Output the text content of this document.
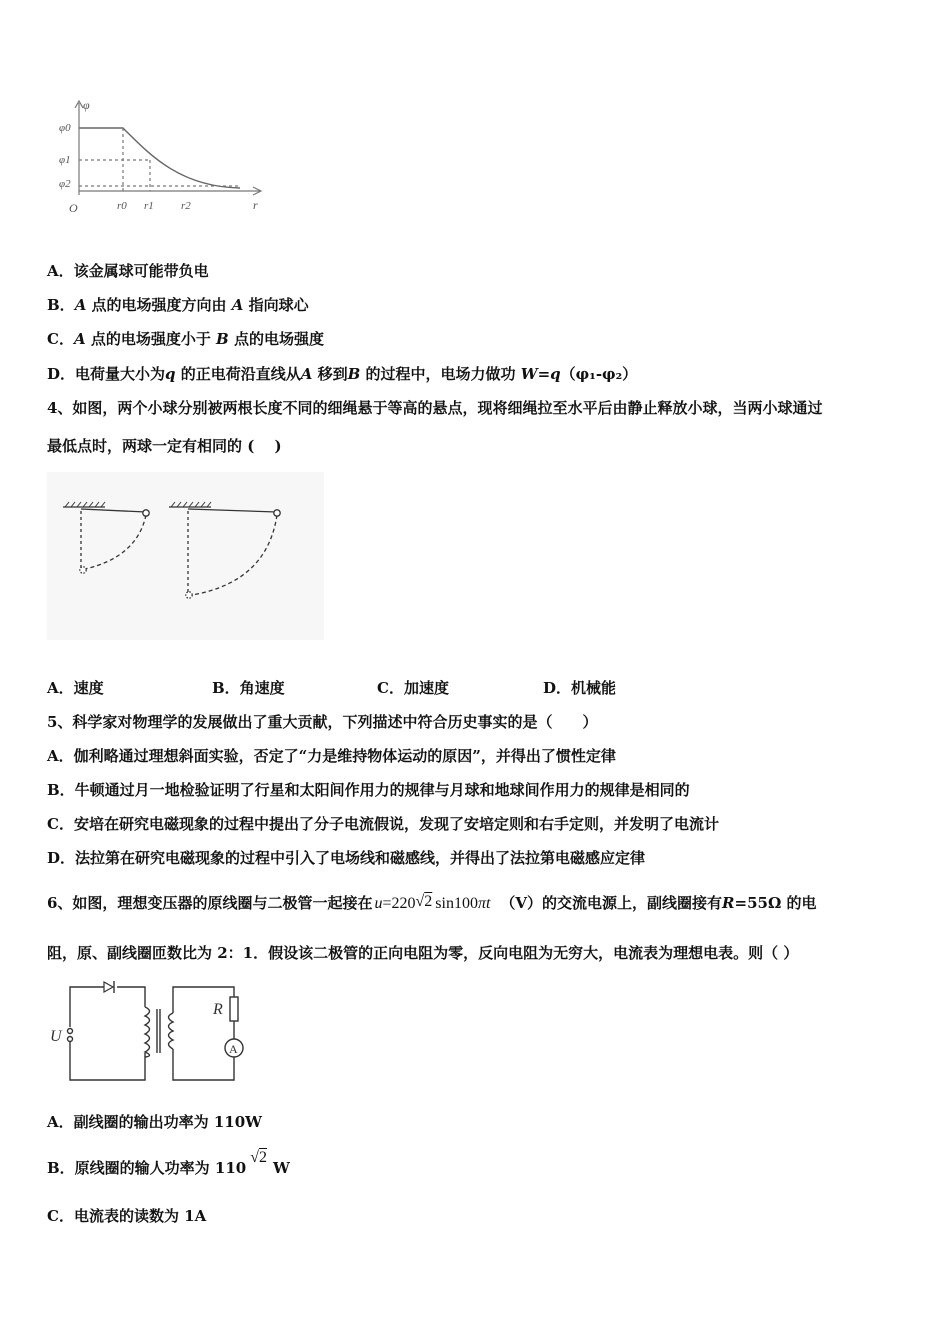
φ
r
O
φ0
φ1
φ2
r0 r1 r2
A．该金属球可能带负电
B．A 点的电场强度方向由 A 指向球心
C．A 点的电场强度小于 B 点的电场强度
D．电荷量大小为q 的正电荷沿直线从A 移到B 的过程中，电场力做功 W=q（φ₁-φ₂）
4、如图，两个小球分别被两根长度不同的细绳悬于等高的悬点，现将细绳拉至水平后由静止释放小球，当两小球通过
最低点时，两球一定有相同的 (　 )
A．速度	B．角速度	C．加速度	D．机械能
5、科学家对物理学的发展做出了重大贡献，下列描述中符合历史事实的是（　　）
A．伽利略通过理想斜面实验，否定了“力是维持物体运动的原因”，并得出了惯性定律
B．牛顿通过月一地检验证明了行星和太阳间作用力的规律与月球和地球间作用力的规律是相同的
C．安培在研究电磁现象的过程中提出了分子电流假说，发现了安培定则和右手定则，并发明了电流计
D．法拉第在研究电磁现象的过程中引入了电场线和磁感线，并得出了法拉第电磁感应定律
6、如图，理想变压器的原线圈与二极管一起接在 u=220√2 sin100πt （V）的交流电源上，副线圈接有R=55Ω 的电
阻，原、副线圈匝数比为 2：1．假设该二极管的正向电阻为零，反向电阻为无穷大，电流表为理想电表。则（ ）
U
R
A
A．副线圈的输出功率为 110W
B．原线圈的输人功率为 110√2W
C．电流表的读数为 1A
